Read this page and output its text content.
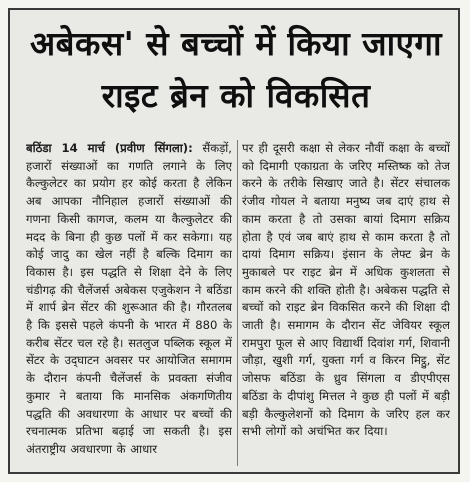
अबेकस' से बच्चों में किया जाएगा
राइट ब्रेन को विकसित

बठिंडा 14 मार्च (प्रवीण सिंगला): सैंकड़ों, हजारों संख्याओं का गणति लगाने के लिए कैल्कुलेटर का प्रयोग हर कोई करता है लेकिन अब आपका नौनिहाल हजारों संख्याओं की गणना किसी कागज, कलम या कैल्कुलेटर की मदद के बिना ही कुछ पलों में कर सकेगा। यह कोई जादु का खेल नहीं है बल्कि दिमाग का विकास है। इस पद्धति से शिक्षा देने के लिए चंडीगढ़ की चैलेंजर्स अबेकस एजुकेशन ने बठिंडा में शार्प ब्रेन सेंटर की शुरूआत की है। गौरतलब है कि इससे पहले कंपनी के भारत में 880 के करीब सेंटर चल रहे है। सतलुज पब्लिक स्कूल में सेंटर के उद्‌घाटन अवसर पर आयोजित समागम के दौरान कंपनी चैलेंजर्स के प्रवक्ता संजीव कुमार ने बताया कि मानसिक अंकगणितीय पद्धति की अवधारणा के आधार पर बच्चों की रचनात्मक प्रतिभा बढ़ाई जा सकती है। इस अंतराष्ट्रीय अवधारणा के आधार

पर ही दूसरी कक्षा से लेकर नौवीं कक्षा के बच्चों को दिमागी एकाग्रता के जरिए मस्तिष्क को तेज करने के तरीके सिखाए जाते है। सेंटर संचालक रंजीव गोयल ने बताया मनुष्य जब दाएं हाथ से काम करता है तो उसका बायां दिमाग सक्रिय होता है एवं जब बाएं हाथ से काम करता है तो दायां दिमाग सक्रिय। इंसान के लेफ्ट ब्रेन के मुकाबले पर राइट ब्रेन में अधिक कुशलता से काम करने की शक्ति होती है। अबेकस पद्धति से बच्चों को राइट ब्रेन विकसित करने की शिक्षा दी जाती है। समागम के दौरान सेंट जेवियर स्कूल रामपुरा फूल से आए विद्यार्थी दिवांश गर्ग, शिवानी जौड़ा, खुशी गर्ग, युक्ता गर्ग व किरन मिट्ठु, सेंट जोसफ बठिंडा के ध्रुव सिंगला व डीएपीएस बठिंडा के दीपांशु मित्तल ने कुछ ही पलों में बड़ी बड़ी कैल्कुलेशनों को दिमाग के जरिए हल कर सभी लोगों को अचंभित कर दिया।
